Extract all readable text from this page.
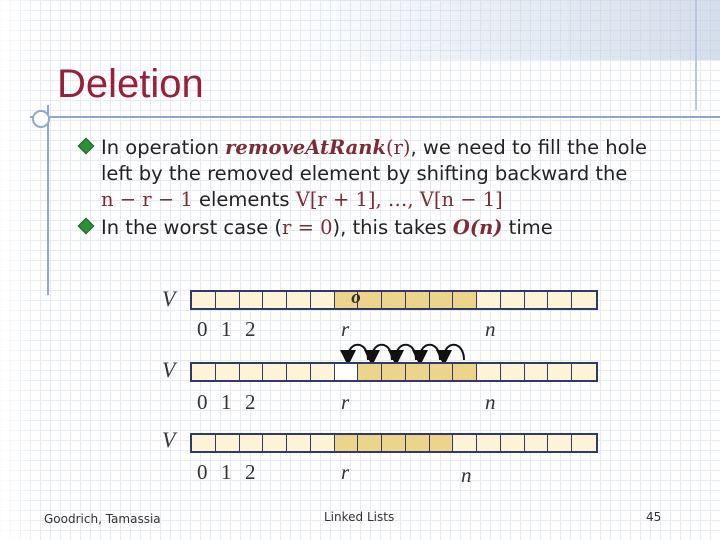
Deletion
In operation removeAtRank(r), we need to fill the hole
left by the removed element by shifting backward the
n − r − 1 elements V[r + 1], …, V[n − 1]
In the worst case (r = 0), this takes O(n) time
V	o
0 1 2	r	n
V
0 1 2	r	n
V
0 1 2	r	n
Goodrich, Tamassia	Linked Lists	45
